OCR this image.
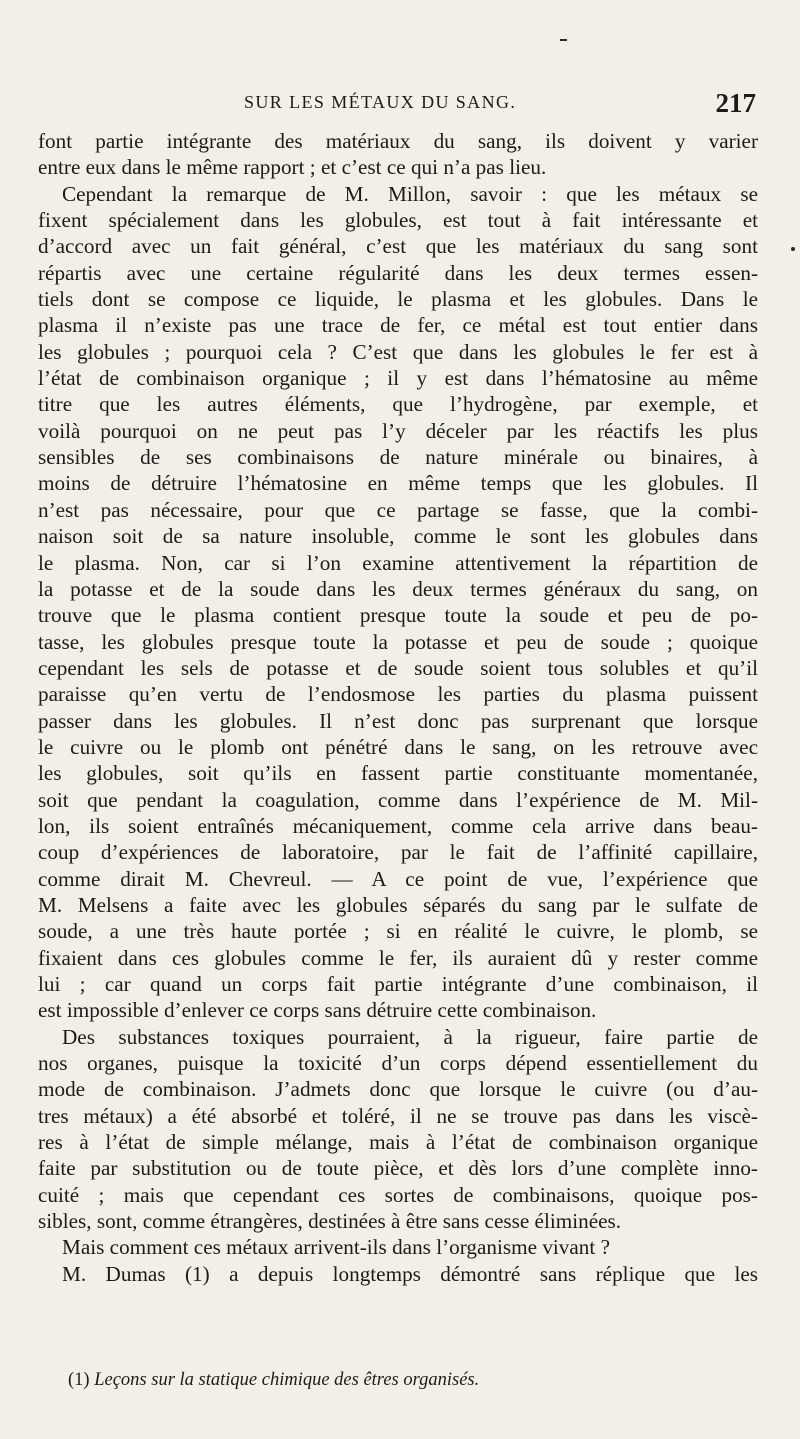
SUR LES MÉTAUX DU SANG.	217
font partie intégrante des matériaux du sang, ils doivent y varier
entre eux dans le même rapport ; et c’est ce qui n’a pas lieu.
Cependant la remarque de M. Millon, savoir : que les métaux se
fixent spécialement dans les globules, est tout à fait intéressante et
d’accord avec un fait général, c’est que les matériaux du sang sont
répartis avec une certaine régularité dans les deux termes essen-
tiels dont se compose ce liquide, le plasma et les globules. Dans le
plasma il n’existe pas une trace de fer, ce métal est tout entier dans
les globules ; pourquoi cela ? C’est que dans les globules le fer est à
l’état de combinaison organique ; il y est dans l’hématosine au même
titre que les autres éléments, que l’hydrogène, par exemple, et
voilà pourquoi on ne peut pas l’y déceler par les réactifs les plus
sensibles de ses combinaisons de nature minérale ou binaires, à
moins de détruire l’hématosine en même temps que les globules. Il
n’est pas nécessaire, pour que ce partage se fasse, que la combi-
naison soit de sa nature insoluble, comme le sont les globules dans
le plasma. Non, car si l’on examine attentivement la répartition de
la potasse et de la soude dans les deux termes généraux du sang, on
trouve que le plasma contient presque toute la soude et peu de po-
tasse, les globules presque toute la potasse et peu de soude ; quoique
cependant les sels de potasse et de soude soient tous solubles et qu’il
paraisse qu’en vertu de l’endosmose les parties du plasma puissent
passer dans les globules. Il n’est donc pas surprenant que lorsque
le cuivre ou le plomb ont pénétré dans le sang, on les retrouve avec
les globules, soit qu’ils en fassent partie constituante momentanée,
soit que pendant la coagulation, comme dans l’expérience de M. Mil-
lon, ils soient entraînés mécaniquement, comme cela arrive dans beau-
coup d’expériences de laboratoire, par le fait de l’affinité capillaire,
comme dirait M. Chevreul. — A ce point de vue, l’expérience que
M. Melsens a faite avec les globules séparés du sang par le sulfate de
soude, a une très haute portée ; si en réalité le cuivre, le plomb, se
fixaient dans ces globules comme le fer, ils auraient dû y rester comme
lui ; car quand un corps fait partie intégrante d’une combinaison, il
est impossible d’enlever ce corps sans détruire cette combinaison.
Des substances toxiques pourraient, à la rigueur, faire partie de
nos organes, puisque la toxicité d’un corps dépend essentiellement du
mode de combinaison. J’admets donc que lorsque le cuivre (ou d’au-
tres métaux) a été absorbé et toléré, il ne se trouve pas dans les viscè-
res à l’état de simple mélange, mais à l’état de combinaison organique
faite par substitution ou de toute pièce, et dès lors d’une complète inno-
cuité ; mais que cependant ces sortes de combinaisons, quoique pos-
sibles, sont, comme étrangères, destinées à être sans cesse éliminées.
Mais comment ces métaux arrivent-ils dans l’organisme vivant ?
M. Dumas (1) a depuis longtemps démontré sans réplique que les
(1) Leçons sur la statique chimique des êtres organisés.
